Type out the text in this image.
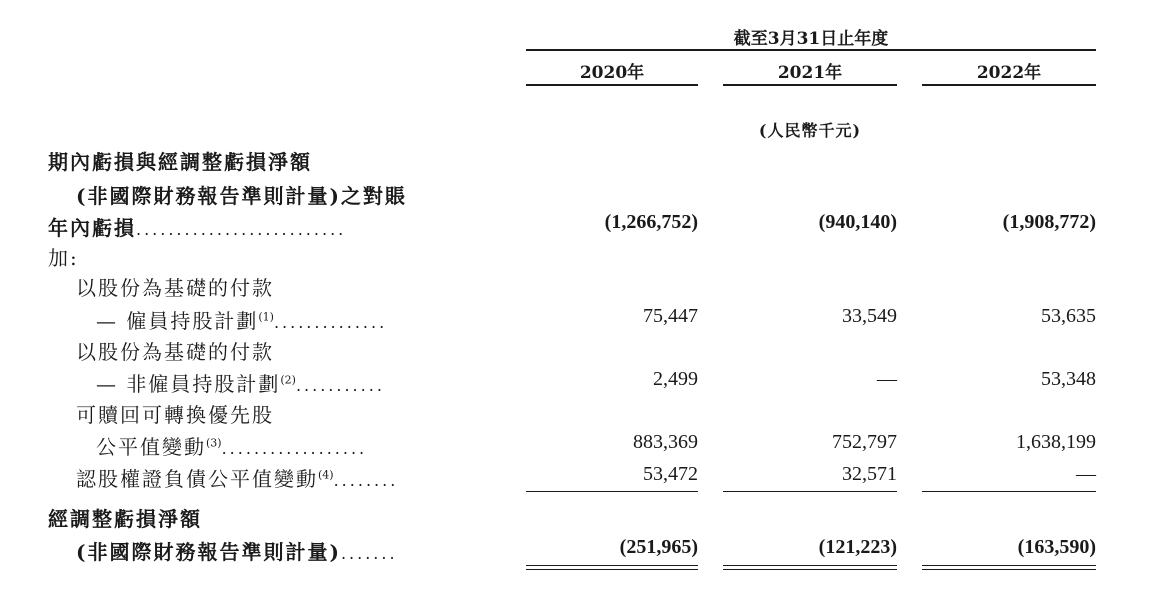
截至3月31日止年度
2020年	2021年	2022年
(人民幣千元)
期內虧損與經調整虧損淨額
(非國際財務報告準則計量)之對賬
年內虧損..........................	(1,266,752)	(940,140)	(1,908,772)
加:
以股份為基礎的付款
— 僱員持股計劃$^{(1)}$..............	75,447	33,549	53,635
以股份為基礎的付款
— 非僱員持股計劃$^{(2)}$...........	2,499	—	53,348
可贖回可轉換優先股
公平值變動$^{(3)}$..................	883,369	752,797	1,638,199
認股權證負債公平值變動$^{(4)}$........	53,472	32,571	—
經調整虧損淨額
(非國際財務報告準則計量).......	(251,965)	(121,223)	(163,590)
